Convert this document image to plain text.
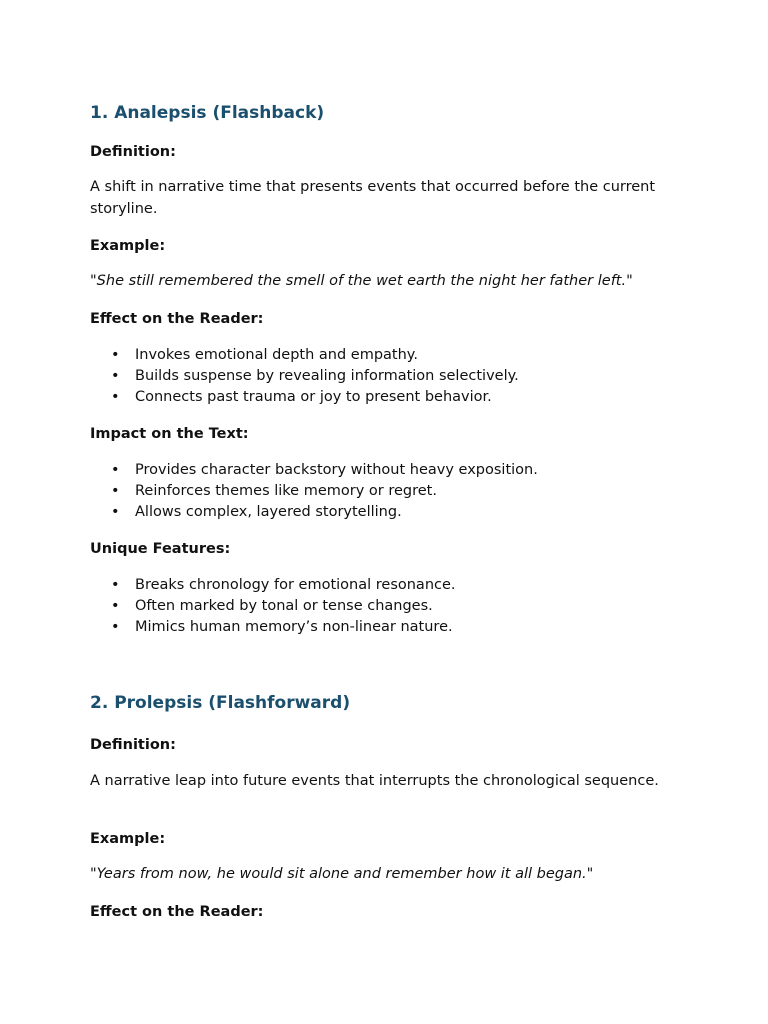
1. Analepsis (Flashback)

Definition:

A shift in narrative time that presents events that occurred before the current storyline.

Example:

"She still remembered the smell of the wet earth the night her father left."

Effect on the Reader:

• Invokes emotional depth and empathy.
• Builds suspense by revealing information selectively.
• Connects past trauma or joy to present behavior.

Impact on the Text:

• Provides character backstory without heavy exposition.
• Reinforces themes like memory or regret.
• Allows complex, layered storytelling.

Unique Features:

• Breaks chronology for emotional resonance.
• Often marked by tonal or tense changes.
• Mimics human memory’s non-linear nature.
2. Prolepsis (Flashforward)

Definition:

A narrative leap into future events that interrupts the chronological sequence.

Example:

"Years from now, he would sit alone and remember how it all began."

Effect on the Reader:
